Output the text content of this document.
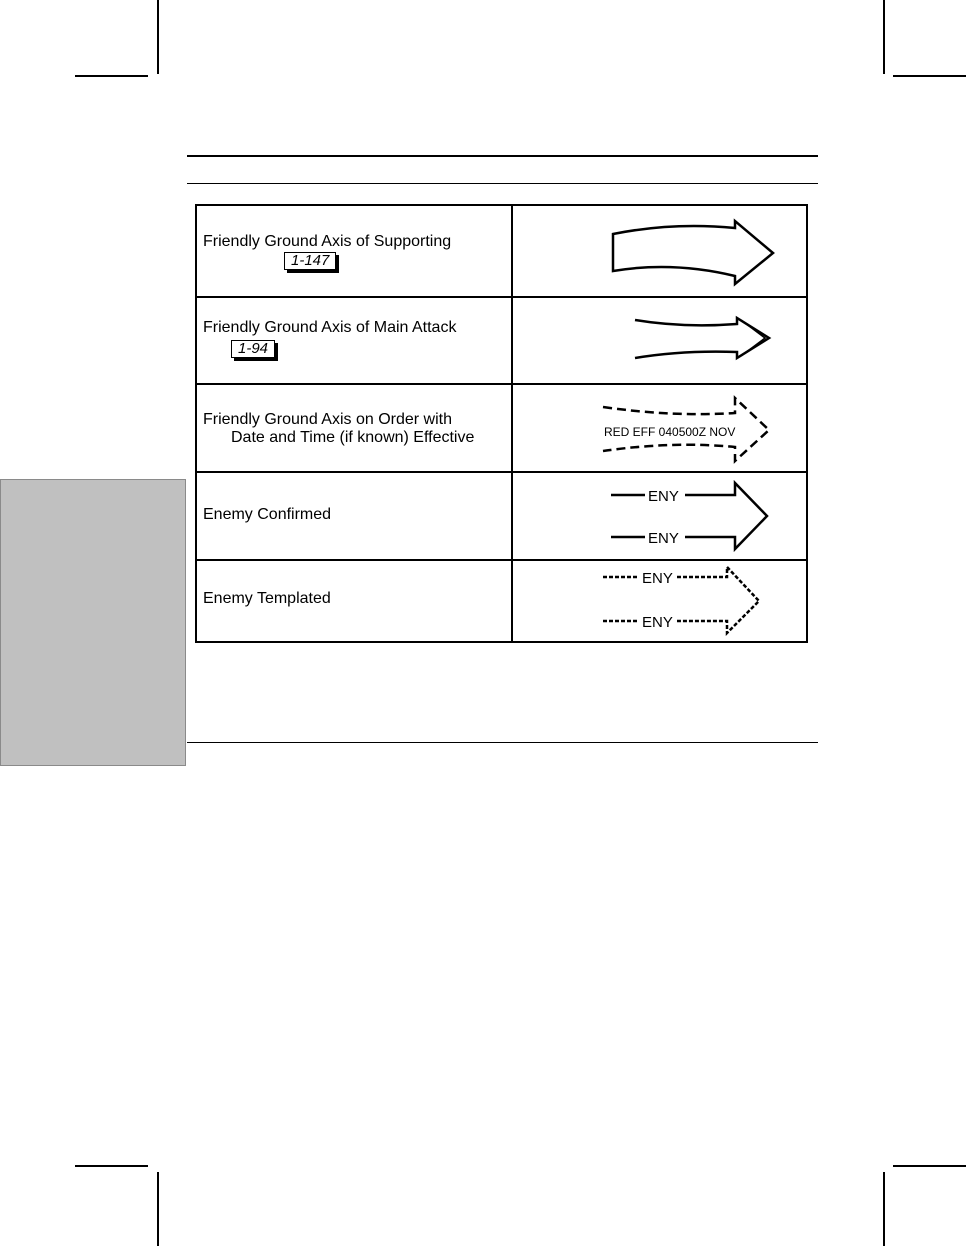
Friendly Ground Axis of Supporting
1-147
Friendly Ground Axis of Main Attack
1-94
Friendly Ground Axis on Order with
Date and Time (if known) Effective	RED EFF 040500Z NOV
Enemy Confirmed
ENY
ENY
Enemy Templated
ENY
ENY
